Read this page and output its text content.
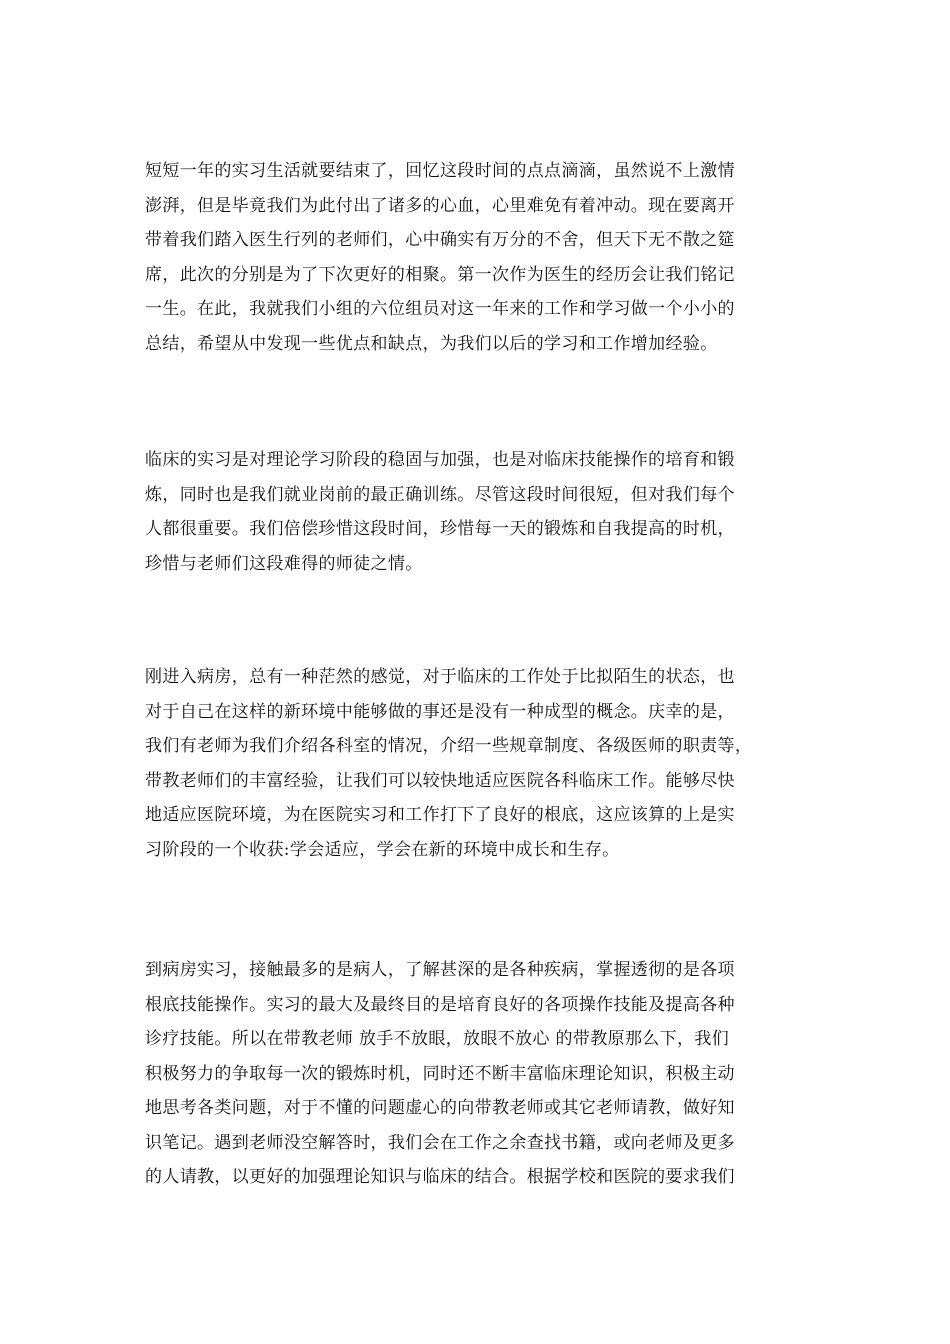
短短一年的实习生活就要结束了，回忆这段时间的点点滴滴，虽然说不上激情
澎湃，但是毕竟我们为此付出了诸多的心血，心里难免有着冲动。现在要离开
带着我们踏入医生行列的老师们，心中确实有万分的不舍，但天下无不散之筵
席，此次的分别是为了下次更好的相聚。第一次作为医生的经历会让我们铭记
一生。在此，我就我们小组的六位组员对这一年来的工作和学习做一个小小的
总结，希望从中发现一些优点和缺点，为我们以后的学习和工作增加经验。

临床的实习是对理论学习阶段的稳固与加强，也是对临床技能操作的培育和锻
炼，同时也是我们就业岗前的最正确训练。尽管这段时间很短，但对我们每个
人都很重要。我们倍偿珍惜这段时间，珍惜每一天的锻炼和自我提高的时机，
珍惜与老师们这段难得的师徒之情。

刚进入病房，总有一种茫然的感觉，对于临床的工作处于比拟陌生的状态，也
对于自己在这样的新环境中能够做的事还是没有一种成型的概念。庆幸的是，
我们有老师为我们介绍各科室的情况，介绍一些规章制度、各级医师的职责等，
带教老师们的丰富经验，让我们可以较快地适应医院各科临床工作。能够尽快
地适应医院环境，为在医院实习和工作打下了良好的根底，这应该算的上是实
习阶段的一个收获:学会适应，学会在新的环境中成长和生存。

到病房实习，接触最多的是病人，了解甚深的是各种疾病，掌握透彻的是各项
根底技能操作。实习的最大及最终目的是培育良好的各项操作技能及提高各种
诊疗技能。所以在带教老师 放手不放眼，放眼不放心 的带教原那么下，我们
积极努力的争取每一次的锻炼时机，同时还不断丰富临床理论知识，积极主动
地思考各类问题，对于不懂的问题虚心的向带教老师或其它老师请教，做好知
识笔记。遇到老师没空解答时，我们会在工作之余查找书籍，或向老师及更多
的人请教，以更好的加强理论知识与临床的结合。根据学校和医院的要求我们
